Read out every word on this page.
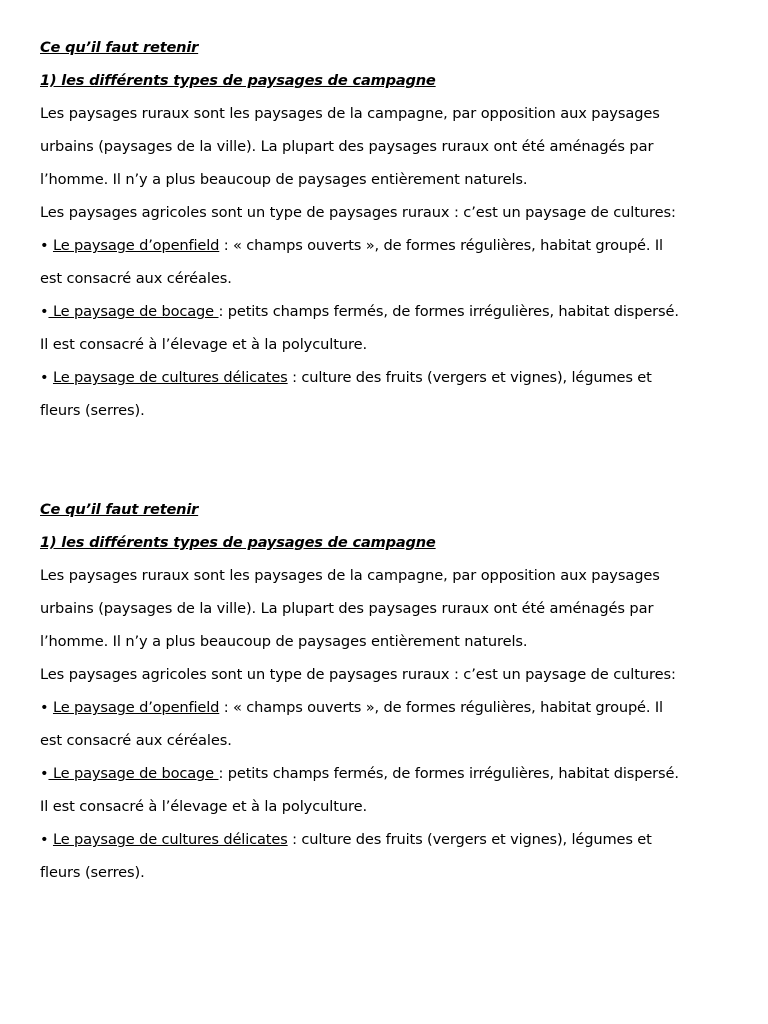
Ce qu’il faut retenir

1) les différents types de paysages de campagne

Les paysages ruraux sont les paysages de la campagne, par opposition aux paysages

urbains (paysages de la ville). La plupart des paysages ruraux ont été aménagés par

l’homme. Il n’y a plus beaucoup de paysages entièrement naturels.

Les paysages agricoles sont un type de paysages ruraux : c’est un paysage de cultures:

• Le paysage d’openfield : « champs ouverts », de formes régulières, habitat groupé. Il

est consacré aux céréales.

• Le paysage de bocage : petits champs fermés, de formes irrégulières, habitat dispersé.

Il est consacré à l’élevage et à la polyculture.

• Le paysage de cultures délicates : culture des fruits (vergers et vignes), légumes et

fleurs (serres).

Ce qu’il faut retenir

1) les différents types de paysages de campagne

Les paysages ruraux sont les paysages de la campagne, par opposition aux paysages

urbains (paysages de la ville). La plupart des paysages ruraux ont été aménagés par

l’homme. Il n’y a plus beaucoup de paysages entièrement naturels.

Les paysages agricoles sont un type de paysages ruraux : c’est un paysage de cultures:

• Le paysage d’openfield : « champs ouverts », de formes régulières, habitat groupé. Il

est consacré aux céréales.

• Le paysage de bocage : petits champs fermés, de formes irrégulières, habitat dispersé.

Il est consacré à l’élevage et à la polyculture.

• Le paysage de cultures délicates : culture des fruits (vergers et vignes), légumes et

fleurs (serres).
